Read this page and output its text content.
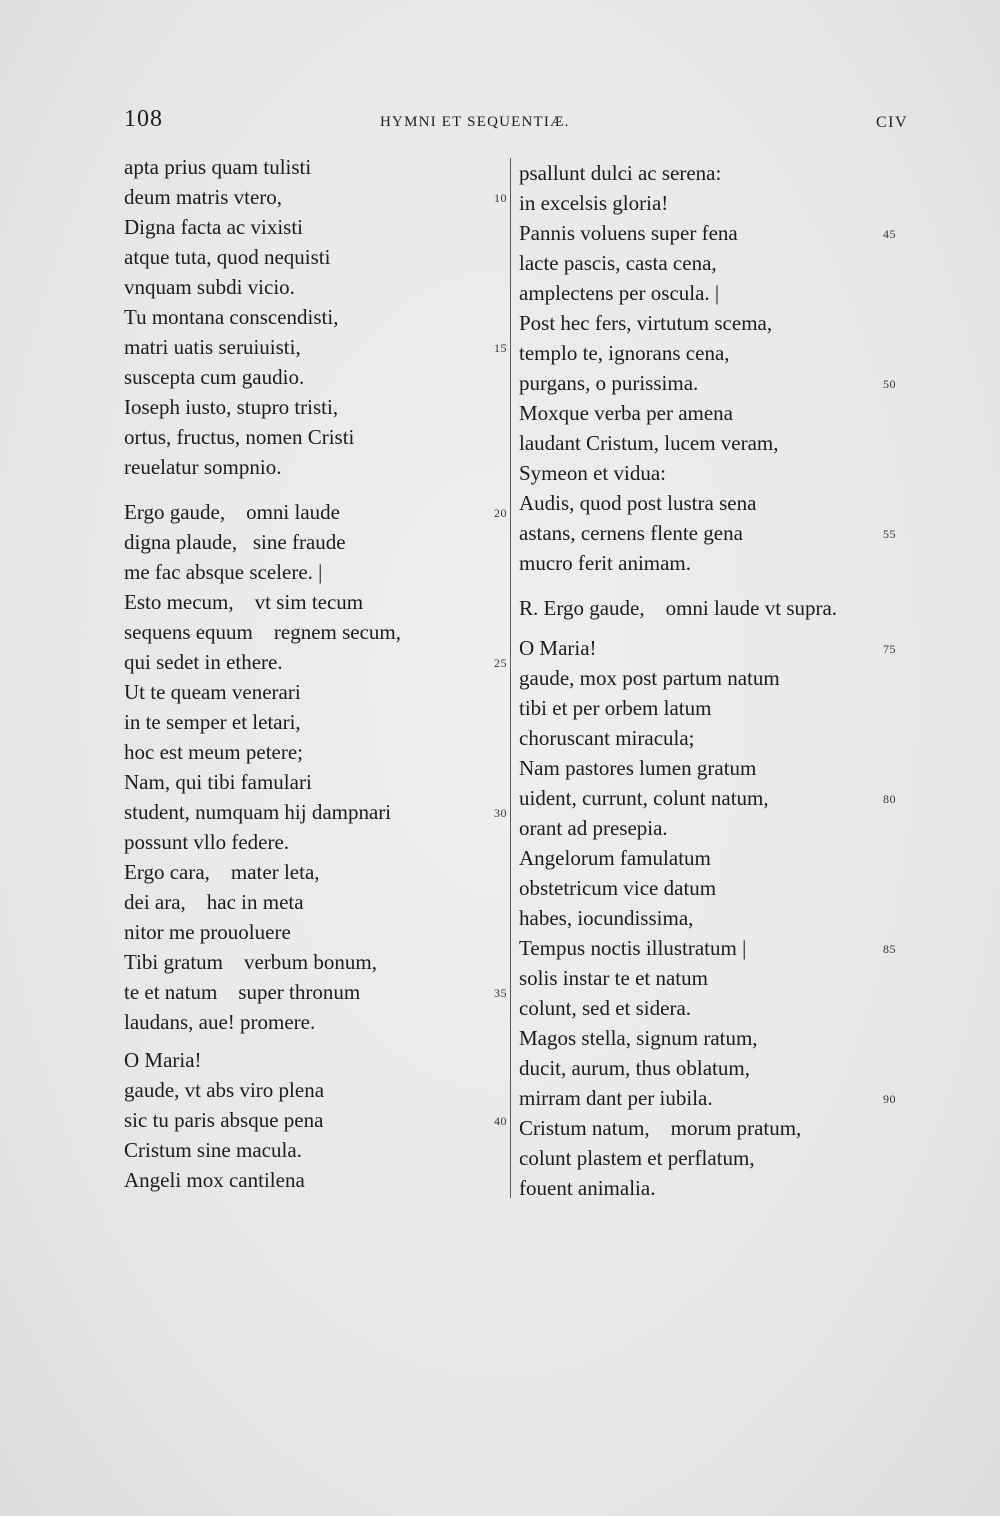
108	HYMNI ET SEQUENTIÆ.	CIV
apta prius quam tulisti
deum matris vtero,	10
Digna facta ac vixisti
atque tuta, quod nequisti
vnquam subdi vicio.
Tu montana conscendisti,
matri uatis seruiuisti,	15
suscepta cum gaudio.
Ioseph iusto, stupro tristi,
ortus, fructus, nomen Cristi
reuelatur sompnio.
Ergo gaude,    omni laude	20
digna plaude,   sine fraude
me fac absque scelere. |
Esto mecum,    vt sim tecum
sequens equum    regnem secum,
qui sedet in ethere.	25
Ut te queam venerari
in te semper et letari,
hoc est meum petere;
Nam, qui tibi famulari
student, numquam hij dampnari	30
possunt vllo federe.
Ergo cara,    mater leta,
dei ara,    hac in meta
nitor me prouoluere
Tibi gratum    verbum bonum,
te et natum    super thronum	35
laudans, aue! promere.
O Maria!
gaude, vt abs viro plena
sic tu paris absque pena	40
Cristum sine macula.
Angeli mox cantilena
psallunt dulci ac serena:
in excelsis gloria!
Pannis voluens super fena	45
lacte pascis, casta cena,
amplectens per oscula. |
Post hec fers, virtutum scema,
templo te, ignorans cena,
purgans, o purissima.	50
Moxque verba per amena
laudant Cristum, lucem veram,
Symeon et vidua:
Audis, quod post lustra sena
astans, cernens flente gena	55
mucro ferit animam.
R. Ergo gaude,    omni laude vt supra.
O Maria!	75
gaude, mox post partum natum
tibi et per orbem latum
choruscant miracula;
Nam pastores lumen gratum
uident, currunt, colunt natum,	80
orant ad presepia.
Angelorum famulatum
obstetricum vice datum
habes, iocundissima,
Tempus noctis illustratum |	85
solis instar te et natum
colunt, sed et sidera.
Magos stella, signum ratum,
ducit, aurum, thus oblatum,
mirram dant per iubila.	90
Cristum natum,    morum pratum,
colunt plastem et perflatum,
fouent animalia.
